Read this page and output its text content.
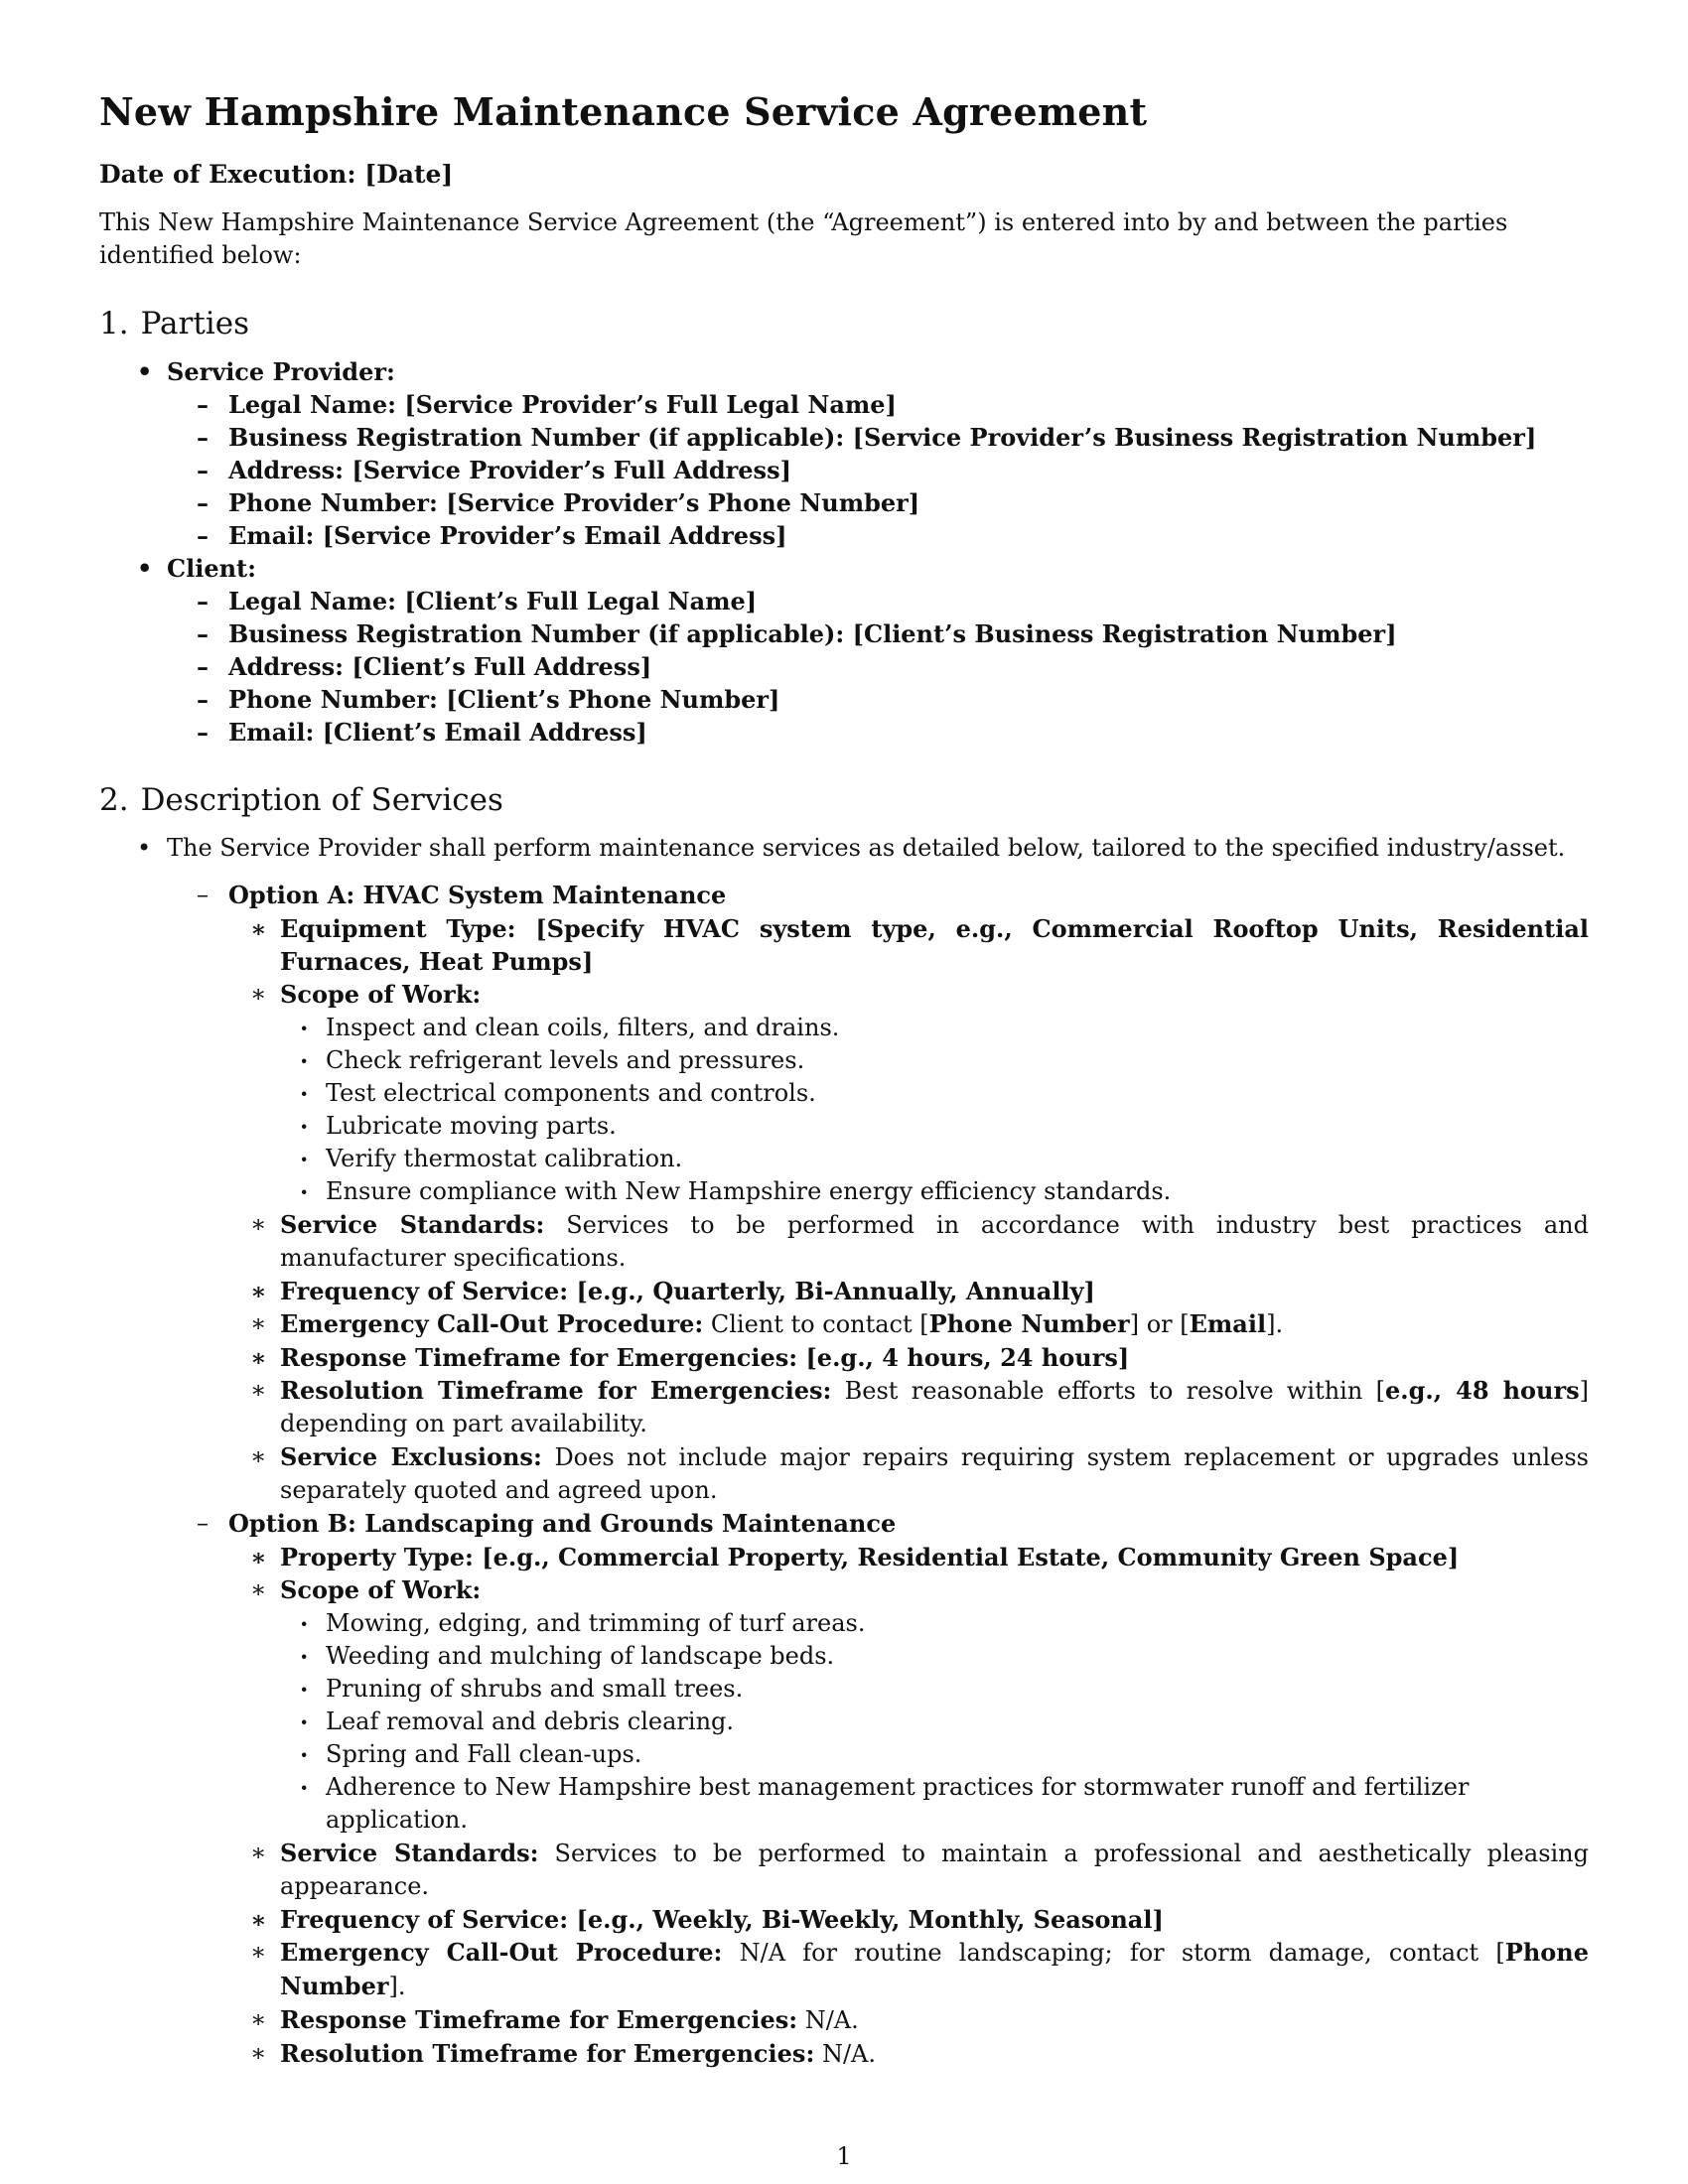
New Hampshire Maintenance Service Agreement
Date of Execution: [Date]

This New Hampshire Maintenance Service Agreement (the “Agreement”) is entered into by and between the parties identified below:

1. Parties
• Service Provider:
– Legal Name: [Service Provider’s Full Legal Name]
– Business Registration Number (if applicable): [Service Provider’s Business Registration Number]
– Address: [Service Provider’s Full Address]
– Phone Number: [Service Provider’s Phone Number]
– Email: [Service Provider’s Email Address]
• Client:
– Legal Name: [Client’s Full Legal Name]
– Business Registration Number (if applicable): [Client’s Business Registration Number]
– Address: [Client’s Full Address]
– Phone Number: [Client’s Phone Number]
– Email: [Client’s Email Address]
2. Description of Services
• The Service Provider shall perform maintenance services as detailed below, tailored to the specified industry/asset.
– Option A: HVAC System Maintenance
∗ Equipment Type: [Specify HVAC system type, e.g., Commercial Rooftop Units, Residential Furnaces, Heat Pumps]
∗ Scope of Work:
· Inspect and clean coils, filters, and drains.
· Check refrigerant levels and pressures.
· Test electrical components and controls.
· Lubricate moving parts.
· Verify thermostat calibration.
· Ensure compliance with New Hampshire energy efficiency standards.
∗ Service Standards: Services to be performed in accordance with industry best practices and manufacturer specifications.
∗ Frequency of Service: [e.g., Quarterly, Bi-Annually, Annually]
∗ Emergency Call-Out Procedure: Client to contact [Phone Number] or [Email].
∗ Response Timeframe for Emergencies: [e.g., 4 hours, 24 hours]
∗ Resolution Timeframe for Emergencies: Best reasonable efforts to resolve within [e.g., 48 hours] depending on part availability.
∗ Service Exclusions: Does not include major repairs requiring system replacement or upgrades unless separately quoted and agreed upon.
– Option B: Landscaping and Grounds Maintenance
∗ Property Type: [e.g., Commercial Property, Residential Estate, Community Green Space]
∗ Scope of Work:
· Mowing, edging, and trimming of turf areas.
· Weeding and mulching of landscape beds.
· Pruning of shrubs and small trees.
· Leaf removal and debris clearing.
· Spring and Fall clean-ups.
· Adherence to New Hampshire best management practices for stormwater runoff and fertilizer application.
∗ Service Standards: Services to be performed to maintain a professional and aesthetically pleasing appearance.
∗ Frequency of Service: [e.g., Weekly, Bi-Weekly, Monthly, Seasonal]
∗ Emergency Call-Out Procedure: N/A for routine landscaping; for storm damage, contact [Phone Number].
∗ Response Timeframe for Emergencies: N/A.
∗ Resolution Timeframe for Emergencies: N/A.
1
